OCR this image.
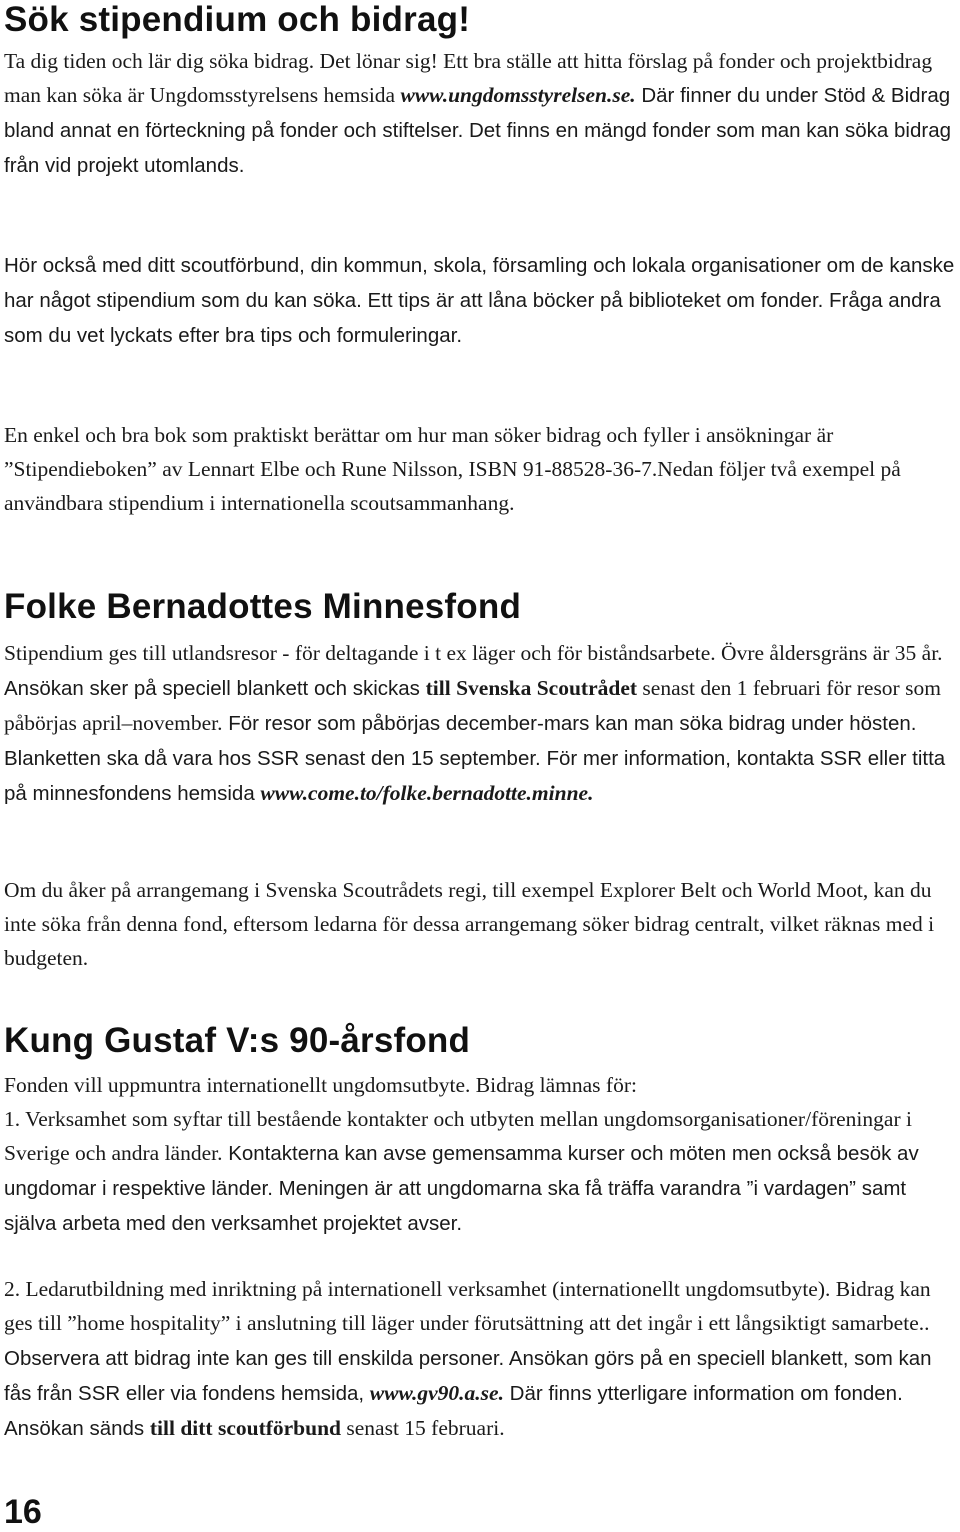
Sök stipendium och bidrag!

Ta dig tiden och lär dig söka bidrag. Det lönar sig! Ett bra ställe att hitta förslag på fonder och projektbidrag man kan söka är Ungdomsstyrelsens hemsida www.ungdomsstyrelsen.se. Där finner du under Stöd & Bidrag bland annat en förteckning på fonder och stiftelser. Det finns en mängd fonder som man kan söka bidrag från vid projekt utomlands.

Hör också med ditt scoutförbund, din kommun, skola, församling och lokala organisationer om de kanske har något stipendium som du kan söka. Ett tips är att låna böcker på biblioteket om fonder. Fråga andra som du vet lyckats efter bra tips och formuleringar.

En enkel och bra bok som praktiskt berättar om hur man söker bidrag och fyller i ansökningar är ”Stipendieboken” av Lennart Elbe och Rune Nilsson, ISBN 91-88528-36-7.Nedan följer två exempel på användbara stipendium i internationella scoutsammanhang.

Folke Bernadottes Minnesfond

Stipendium ges till utlandsresor - för deltagande i t ex läger och för biståndsarbete. Övre åldersgräns är 35 år. Ansökan sker på speciell blankett och skickas till Svenska Scoutrådet senast den 1 februari för resor som påbörjas april–november. För resor som påbörjas december-mars kan man söka bidrag under hösten. Blanketten ska då vara hos SSR senast den 15 september. För mer information, kontakta SSR eller titta på minnesfondens hemsida www.come.to/folke.bernadotte.minne.

Om du åker på arrangemang i Svenska Scoutrådets regi, till exempel Explorer Belt och World Moot, kan du inte söka från denna fond, eftersom ledarna för dessa arrangemang söker bidrag centralt, vilket räknas med i budgeten.

Kung Gustaf V:s 90-årsfond

Fonden vill uppmuntra internationellt ungdomsutbyte. Bidrag lämnas för:

1. Verksamhet som syftar till bestående kontakter och utbyten mellan ungdomsorganisationer/föreningar i Sverige och andra länder. Kontakterna kan avse gemensamma kurser och möten men också besök av ungdomar i respektive länder. Meningen är att ungdomarna ska få träffa varandra ”i vardagen” samt själva arbeta med den verksamhet projektet avser.

2. Ledarutbildning med inriktning på internationell verksamhet (internationellt ungdomsutbyte). Bidrag kan ges till ”home hospitality” i anslutning till läger under förutsättning att det ingår i ett långsiktigt samarbete.. Observera att bidrag inte kan ges till enskilda personer. Ansökan görs på en speciell blankett, som kan fås från SSR eller via fondens hemsida, www.gv90.a.se. Där finns ytterligare information om fonden. Ansökan sänds till ditt scoutförbund senast 15 februari.

16
